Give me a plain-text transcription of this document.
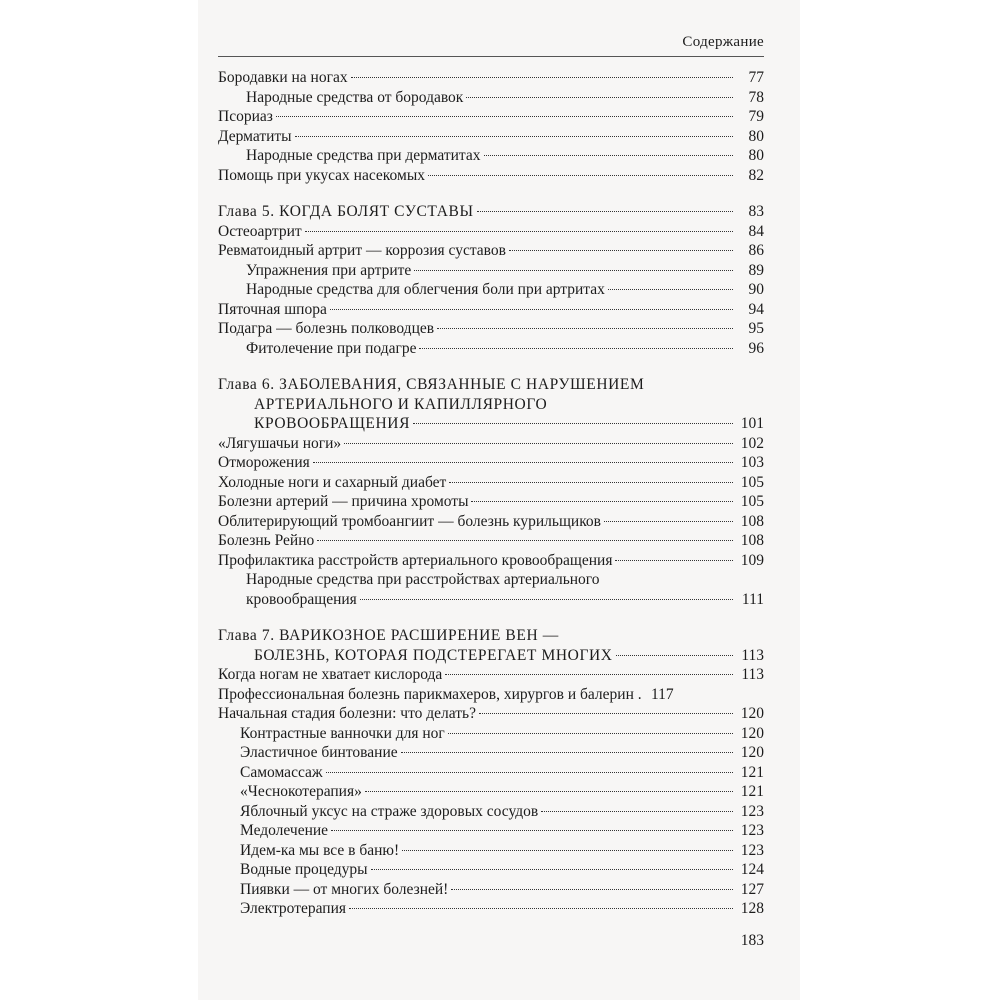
Содержание
Бородавки на ногах	77
Народные средства от бородавок	78
Псориаз	79
Дерматиты	80
Народные средства при дерматитах	80
Помощь при укусах насекомых	82
Глава 5. КОГДА БОЛЯТ СУСТАВЫ	83
Остеоартрит	84
Ревматоидный артрит — коррозия суставов	86
Упражнения при артрите	89
Народные средства для облегчения боли при артритах	90
Пяточная шпора	94
Подагра — болезнь полководцев	95
Фитолечение при подагре	96
Глава 6. ЗАБОЛЕВАНИЯ, СВЯЗАННЫЕ С НАРУШЕНИЕМ
АРТЕРИАЛЬНОГО И КАПИЛЛЯРНОГО
КРОВООБРАЩЕНИЯ	101
«Лягушачьи ноги»	102
Отморожения	103
Холодные ноги и сахарный диабет	105
Болезни артерий — причина хромоты	105
Облитерирующий тромбоангиит — болезнь курильщиков	108
Болезнь Рейно	108
Профилактика расстройств артериального кровообращения	109
Народные средства при расстройствах артериального
кровообращения	111
Глава 7. ВАРИКОЗНОЕ РАСШИРЕНИЕ ВЕН —
БОЛЕЗНЬ, КОТОРАЯ ПОДСТЕРЕГАЕТ МНОГИХ	113
Когда ногам не хватает кислорода	113
Профессиональная болезнь парикмахеров, хирургов и балерин . 117
Начальная стадия болезни: что делать?	120
Контрастные ванночки для ног	120
Эластичное бинтование	120
Самомассаж	121
«Чеснокотерапия»	121
Яблочный уксус на страже здоровых сосудов	123
Медолечение	123
Идем-ка мы все в баню!	123
Водные процедуры	124
Пиявки — от многих болезней!	127
Электротерапия	128
183
